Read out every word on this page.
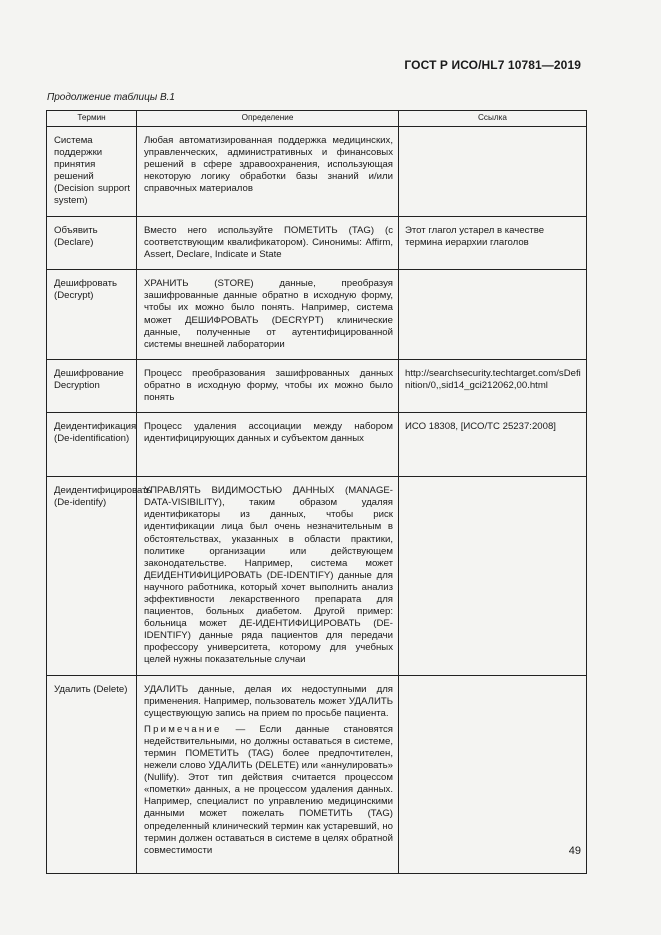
ГОСТ Р ИСО/HL7 10781—2019
Продолжение таблицы В.1
Термин	Определение	Ссылка

Система поддержки принятия решений (Decision support system)	Любая автоматизированная поддержка медицинских, управленческих, административных и финансовых решений в сфере здравоохранения, использующая некоторую логику обработки базы знаний и/или справочных материалов	
Объявить (Declare)	Вместо него используйте ПОМЕТИТЬ (TAG) (с соответствующим квалификатором). Синонимы: Affirm, Assert, Declare, Indicate и State	Этот глагол устарел в качестве термина иерархии глаголов
Дешифровать (Decrypt)	ХРАНИТЬ (STORE) данные, преобразуя зашифрованные данные обратно в исходную форму, чтобы их можно было понять. Например, система может ДЕШИФРОВАТЬ (DECRYPT) клинические данные, полученные от аутентифицированной системы внешней лаборатории	
Дешифрование Decryption	Процесс преобразования зашифрованных данных обратно в исходную форму, чтобы их можно было понять	http://searchsecurity.techtarget.com/sDefinition/0,,sid14_gci212062,00.html
Деидентификация (De-identification)	Процесс удаления ассоциации между набором идентифицирующих данных и субъектом данных	ИСО 18308, [ИСО/ТС 25237:2008]
Деидентифицировать (De-identify)	УПРАВЛЯТЬ ВИДИМОСТЬЮ ДАННЫХ (MANAGE-DATA-VISIBILITY), таким образом удаляя идентификаторы из данных, чтобы риск идентификации лица был очень незначительным в обстоятельствах, указанных в области практики, политике организации или действующем законодательстве. Например, система может ДЕИДЕНТИФИЦИРОВАТЬ (DE-IDENTIFY) данные для научного работника, который хочет выполнить анализ эффективности лекарственного препарата для пациентов, больных диабетом. Другой пример: больница может ДЕ-ИДЕНТИФИЦИРОВАТЬ (DE-IDENTIFY) данные ряда пациентов для передачи профессору университета, которому для учебных целей нужны показательные случаи	
Удалить (Delete)	УДАЛИТЬ данные, делая их недоступными для применения. Например, пользователь может УДАЛИТЬ существующую запись на прием по просьбе пациента.
Примечание — Если данные становятся недействительными, но должны оставаться в системе, термин ПОМЕТИТЬ (TAG) более предпочтителен, нежели слово УДАЛИТЬ (DELETE) или «аннулировать» (Nullify). Этот тип действия считается процессом «пометки» данных, а не процессом удаления данных. Например, специалист по управлению медицинскими данными может пожелать ПОМЕТИТЬ (TAG) определенный клинический термин как устаревший, но термин должен оставаться в системе в целях обратной совместимости	
		49
